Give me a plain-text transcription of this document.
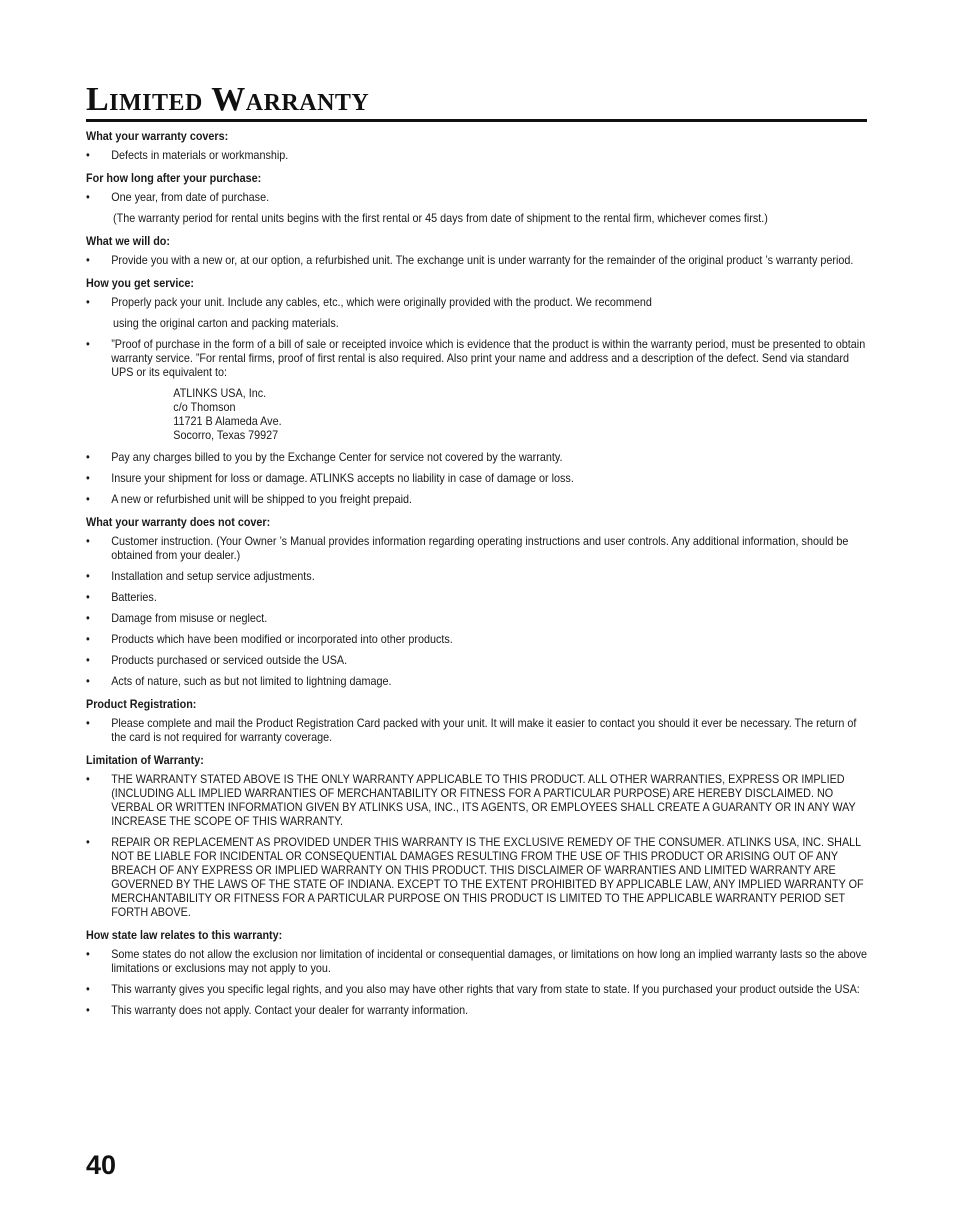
Limited Warranty

What your warranty covers:

• Defects in materials or workmanship.

For how long after your purchase:

• One year, from date of purchase.
(The warranty period for rental units begins with the first rental or 45 days from date of shipment to the rental firm, whichever comes first.)

What we will do:

• Provide you with a new or, at our option, a refurbished unit. The exchange unit is under warranty for the remainder of the original product ’s warranty period.

How you get service:

• Properly pack your unit. Include any cables, etc., which were originally provided with the product. We recommend
using the original carton and packing materials.
• ”Proof of purchase in the form of a bill of sale or receipted invoice which is evidence that the product is within the warranty period, must be presented to obtain warranty service. ”For rental firms, proof of first rental is also required. Also print your name and address and a description of the defect. Send via standard UPS or its equivalent to:
ATLINKS USA, Inc.
c/o Thomson
11721 B Alameda Ave.
Socorro, Texas 79927
• Pay any charges billed to you by the Exchange Center for service not covered by the warranty.
• Insure your shipment for loss or damage. ATLINKS accepts no liability in case of damage or loss.
• A new or refurbished unit will be shipped to you freight prepaid.

What your warranty does not cover:

• Customer instruction. (Your Owner ’s Manual provides information regarding operating instructions and user controls. Any additional information, should be obtained from your dealer.)
• Installation and setup service adjustments.
• Batteries.
• Damage from misuse or neglect.
• Products which have been modified or incorporated into other products.
• Products purchased or serviced outside the USA.
• Acts of nature, such as but not limited to lightning damage.

Product Registration:

• Please complete and mail the Product Registration Card packed with your unit. It will make it easier to contact you should it ever be necessary. The return of the card is not required for warranty coverage.

Limitation of Warranty:

• THE WARRANTY STATED ABOVE IS THE ONLY WARRANTY APPLICABLE TO THIS PRODUCT. ALL OTHER WARRANTIES, EXPRESS OR IMPLIED (INCLUDING ALL IMPLIED WARRANTIES OF MERCHANTABILITY OR FITNESS FOR A PARTICULAR PURPOSE) ARE HEREBY DISCLAIMED. NO VERBAL OR WRITTEN INFORMATION GIVEN BY ATLINKS USA, INC., ITS AGENTS, OR EMPLOYEES SHALL CREATE A GUARANTY OR IN ANY WAY INCREASE THE SCOPE OF THIS WARRANTY.
• REPAIR OR REPLACEMENT AS PROVIDED UNDER THIS WARRANTY IS THE EXCLUSIVE REMEDY OF THE CONSUMER. ATLINKS USA, INC. SHALL NOT BE LIABLE FOR INCIDENTAL OR CONSEQUENTIAL DAMAGES RESULTING FROM THE USE OF THIS PRODUCT OR ARISING OUT OF ANY BREACH OF ANY EXPRESS OR IMPLIED WARRANTY ON THIS PRODUCT. THIS DISCLAIMER OF WARRANTIES AND LIMITED WARRANTY ARE GOVERNED BY THE LAWS OF THE STATE OF INDIANA. EXCEPT TO THE EXTENT PROHIBITED BY APPLICABLE LAW, ANY IMPLIED WARRANTY OF MERCHANTABILITY OR FITNESS FOR A PARTICULAR PURPOSE ON THIS PRODUCT IS LIMITED TO THE APPLICABLE WARRANTY PERIOD SET FORTH ABOVE.

How state law relates to this warranty:

• Some states do not allow the exclusion nor limitation of incidental or consequential damages, or limitations on how long an implied warranty lasts so the above limitations or exclusions may not apply to you.
• This warranty gives you specific legal rights, and you also may have other rights that vary from state to state. If you purchased your product outside the USA:
• This warranty does not apply. Contact your dealer for warranty information.

40
